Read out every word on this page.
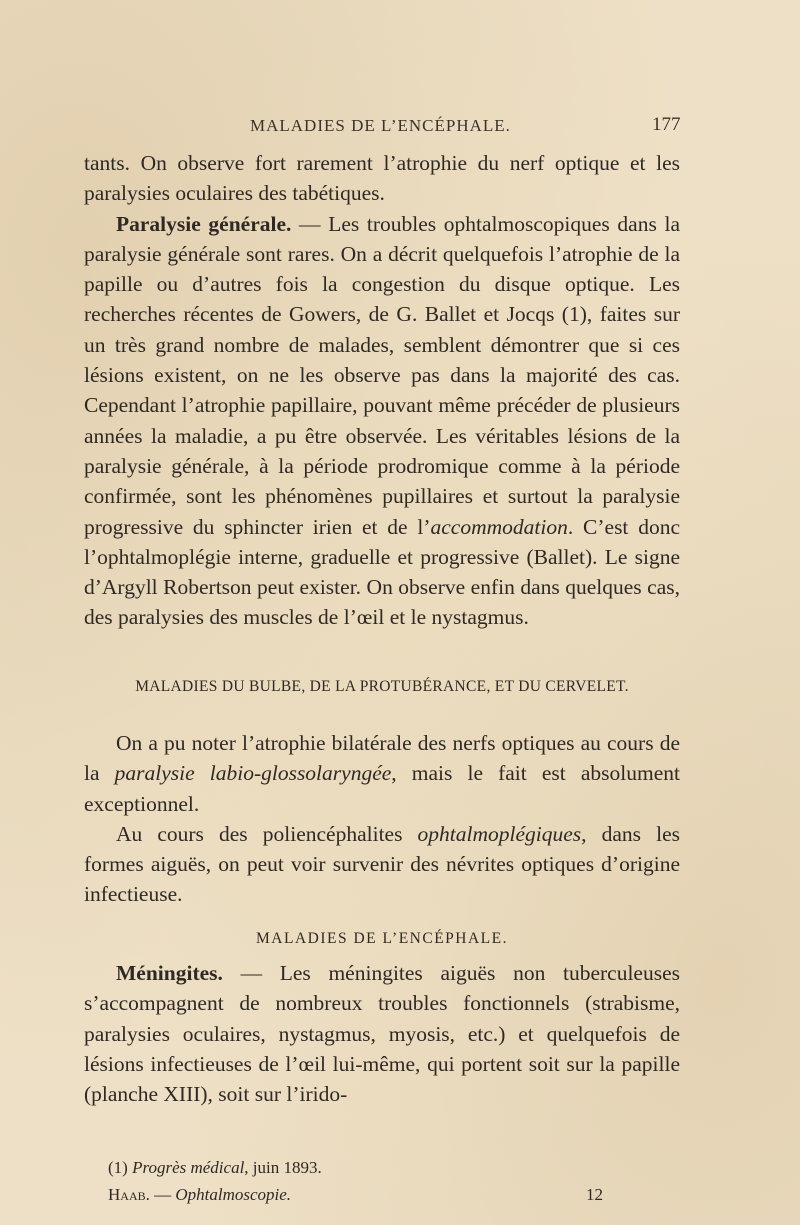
MALADIES DE L’ENCÉPHALE.	177

tants. On observe fort rarement l’atrophie du nerf optique et les paralysies oculaires des tabétiques.

Paralysie générale. — Les troubles ophtalmoscopiques dans la paralysie générale sont rares. On a décrit quelquefois l’atrophie de la papille ou d’autres fois la congestion du disque optique. Les recherches récentes de Gowers, de G. Ballet et Jocqs (1), faites sur un très grand nombre de malades, semblent démontrer que si ces lésions existent, on ne les observe pas dans la majorité des cas. Cependant l’atrophie papillaire, pouvant même précéder de plusieurs années la maladie, a pu être observée. Les véritables lésions de la paralysie générale, à la période prodromique comme à la période confirmée, sont les phénomènes pupillaires et surtout la paralysie progressive du sphincter irien et de l’accommodation. C’est donc l’ophtalmoplégie interne, graduelle et progressive (Ballet). Le signe d’Argyll Robertson peut exister. On observe enfin dans quelques cas, des paralysies des muscles de l’œil et le nystagmus.

MALADIES DU BULBE, DE LA PROTUBÉRANCE, ET DU CERVELET.

On a pu noter l’atrophie bilatérale des nerfs optiques au cours de la paralysie labio-glossolaryngée, mais le fait est absolument exceptionnel.

Au cours des poliencéphalites ophtalmoplégiques, dans les formes aiguës, on peut voir survenir des névrites optiques d’origine infectieuse.

MALADIES DE L’ENCÉPHALE.

Méningites. — Les méningites aiguës non tuberculeuses s’accompagnent de nombreux troubles fonctionnels (strabisme, paralysies oculaires, nystagmus, myosis, etc.) et quelquefois de lésions infectieuses de l’œil lui-même, qui portent soit sur la papille (planche XIII), soit sur l’irido-

(1) Progrès médical, juin 1893.
Haab. — Ophtalmoscopie.	12
